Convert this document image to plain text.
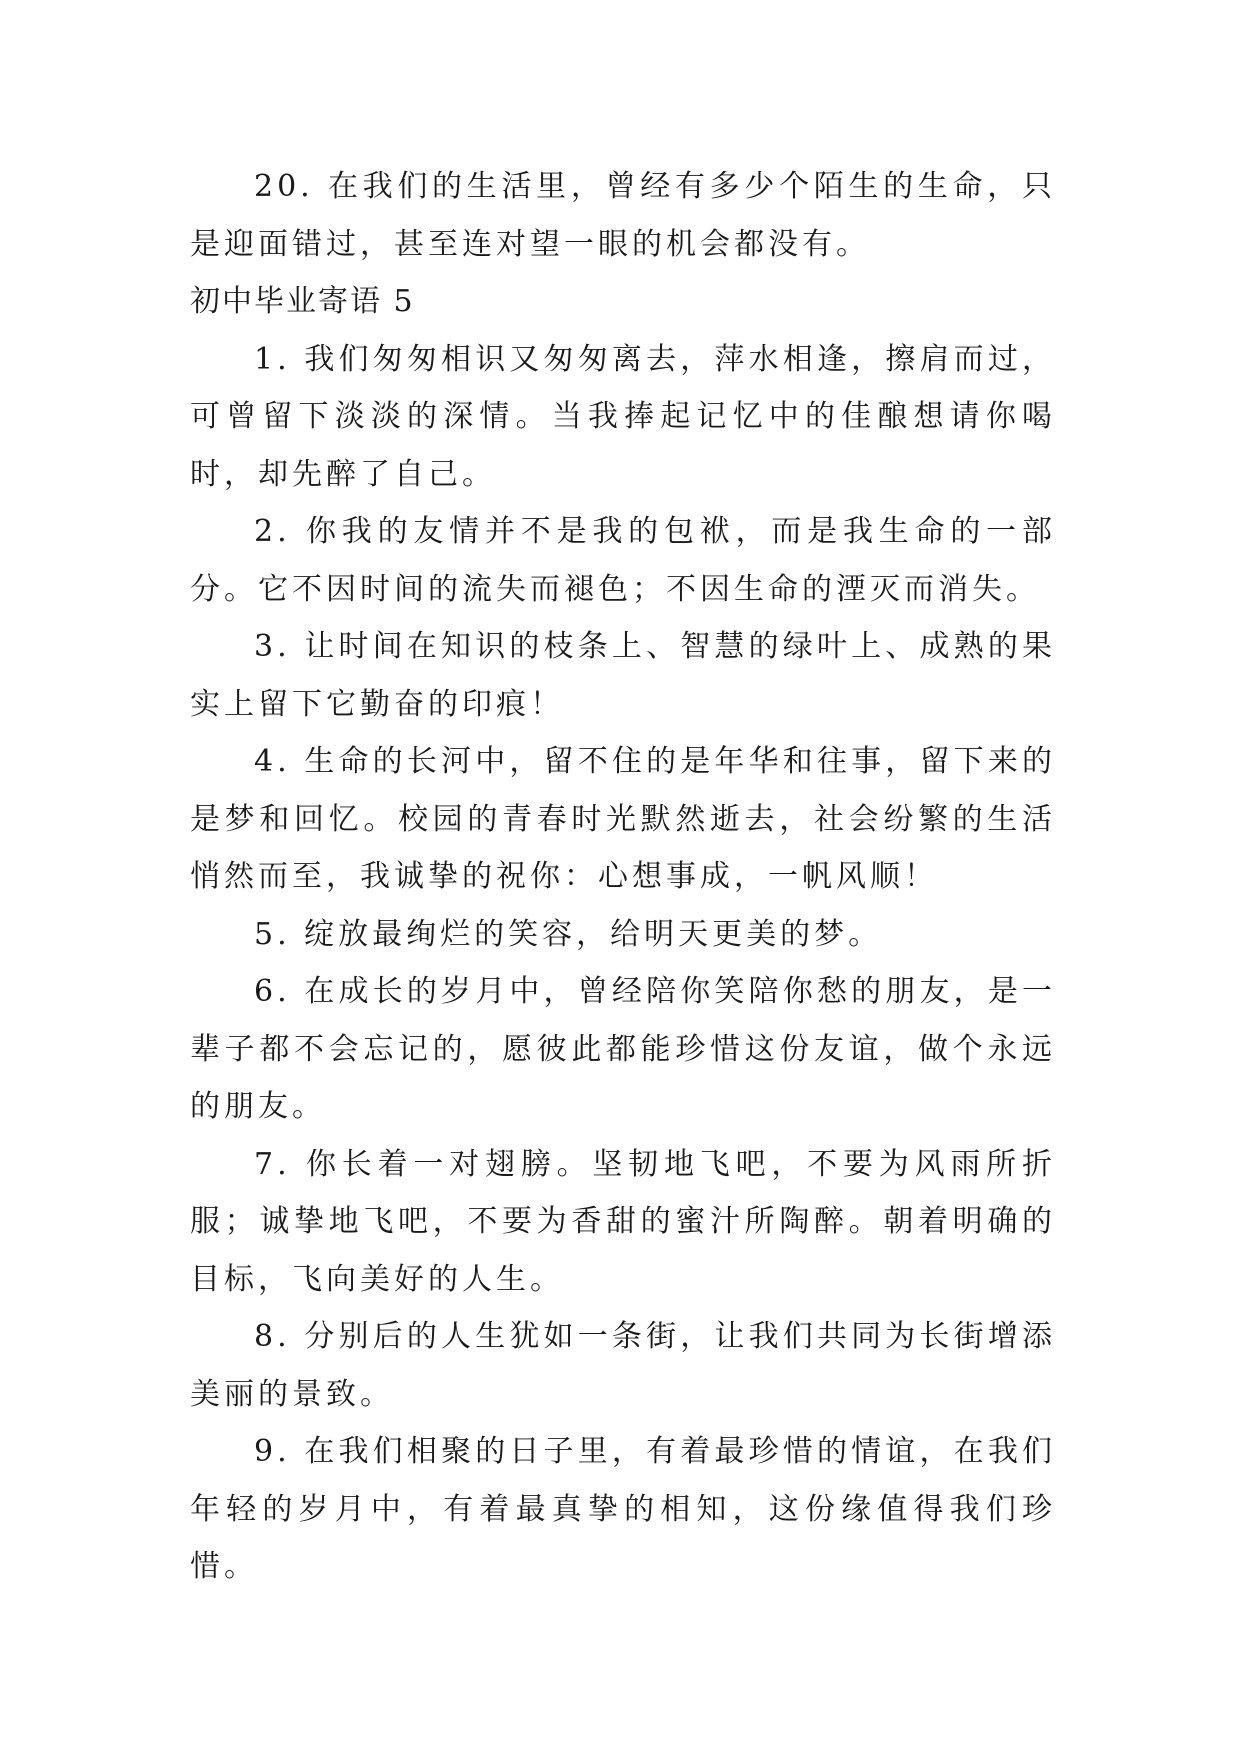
20. 在我们的生活里，曾经有多少个陌生的生命，只是迎面错过，甚至连对望一眼的机会都没有。

初中毕业寄语 5

1. 我们匆匆相识又匆匆离去，萍水相逢，擦肩而过，可曾留下淡淡的深情。当我捧起记忆中的佳酿想请你喝时，却先醉了自己。

2. 你我的友情并不是我的包袱，而是我生命的一部分。它不因时间的流失而褪色；不因生命的湮灭而消失。

3. 让时间在知识的枝条上、智慧的绿叶上、成熟的果实上留下它勤奋的印痕！

4. 生命的长河中，留不住的是年华和往事，留下来的是梦和回忆。校园的青春时光默然逝去，社会纷繁的生活悄然而至，我诚挚的祝你：心想事成，一帆风顺！

5. 绽放最绚烂的笑容，给明天更美的梦。

6. 在成长的岁月中，曾经陪你笑陪你愁的朋友，是一辈子都不会忘记的，愿彼此都能珍惜这份友谊，做个永远的朋友。

7. 你长着一对翅膀。坚韧地飞吧，不要为风雨所折服；诚挚地飞吧，不要为香甜的蜜汁所陶醉。朝着明确的目标，飞向美好的人生。

8. 分别后的人生犹如一条街，让我们共同为长街增添美丽的景致。

9. 在我们相聚的日子里，有着最珍惜的情谊，在我们年轻的岁月中，有着最真挚的相知，这份缘值得我们珍惜。
